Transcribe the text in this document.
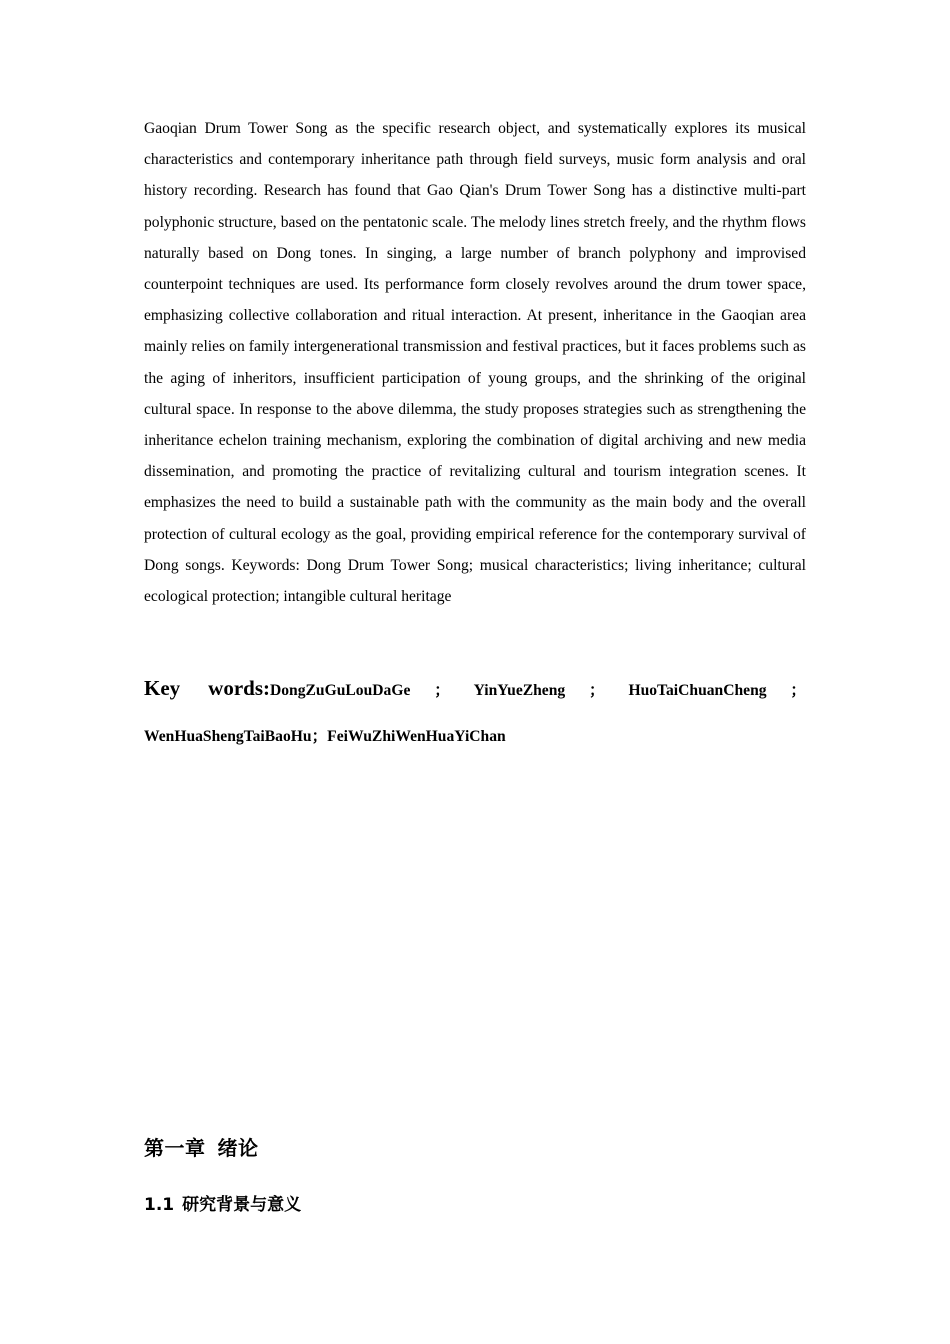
Gaoqian Drum Tower Song as the specific research object, and systematically explores its musical characteristics and contemporary inheritance path through field surveys, music form analysis and oral history recording. Research has found that Gao Qian's Drum Tower Song has a distinctive multi-part polyphonic structure, based on the pentatonic scale. The melody lines stretch freely, and the rhythm flows naturally based on Dong tones. In singing, a large number of branch polyphony and improvised counterpoint techniques are used. Its performance form closely revolves around the drum tower space, emphasizing collective collaboration and ritual interaction. At present, inheritance in the Gaoqian area mainly relies on family intergenerational transmission and festival practices, but it faces problems such as the aging of inheritors, insufficient participation of young groups, and the shrinking of the original cultural space. In response to the above dilemma, the study proposes strategies such as strengthening the inheritance echelon training mechanism, exploring the combination of digital archiving and new media dissemination, and promoting the practice of revitalizing cultural and tourism integration scenes. It emphasizes the need to build a sustainable path with the community as the main body and the overall protection of cultural ecology as the goal, providing empirical reference for the contemporary survival of Dong songs. Keywords: Dong Drum Tower Song; musical characteristics; living inheritance; cultural ecological protection; intangible cultural heritage

Key words:DongZuGuLouDaGe ； YinYueZheng ； HuoTaiChuanCheng ；
WenHuaShengTaiBaoHu；FeiWuZhiWenHuaYiChan
第一章 绪论
1.1 研究背景与意义
